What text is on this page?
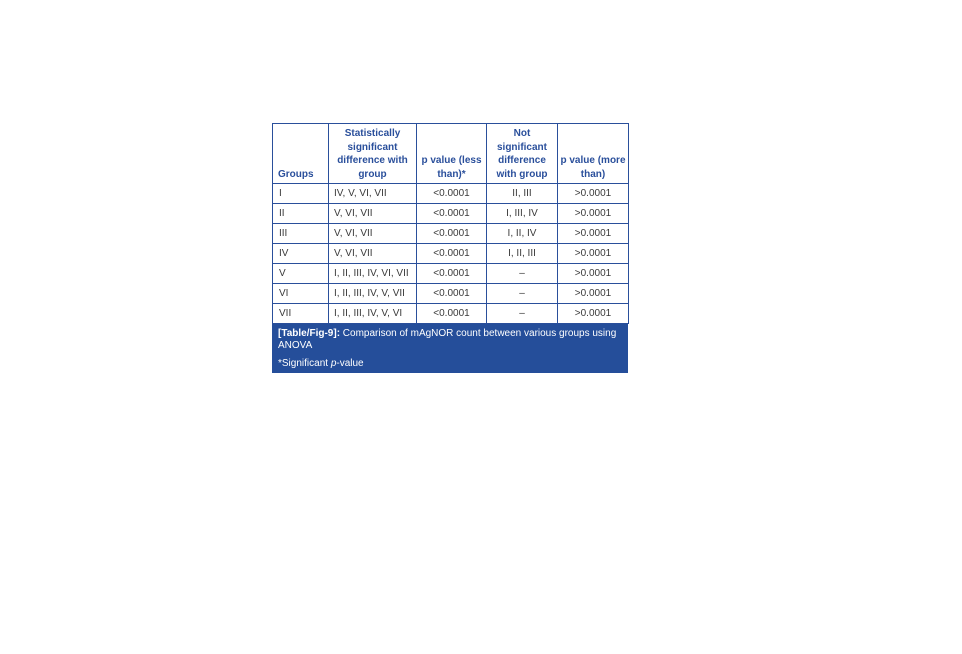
Groups	Statistically significant difference with group	p value (less than)*	Not significant difference with group	p value (more than)
I	IV, V, VI, VII	<0.0001	II, III	>0.0001
II	V, VI, VII	<0.0001	I, III, IV	>0.0001
III	V, VI, VII	<0.0001	I, II, IV	>0.0001
IV	V, VI, VII	<0.0001	I, II, III	>0.0001
V	I, II, III, IV, VI, VII	<0.0001	–	>0.0001
VI	I, II, III, IV, V, VII	<0.0001	–	>0.0001
VII	I, II, III, IV, V, VI	<0.0001	–	>0.0001
[Table/Fig-9]: Comparison of mAgNOR count between various groups using ANOVA
*Significant p-value
